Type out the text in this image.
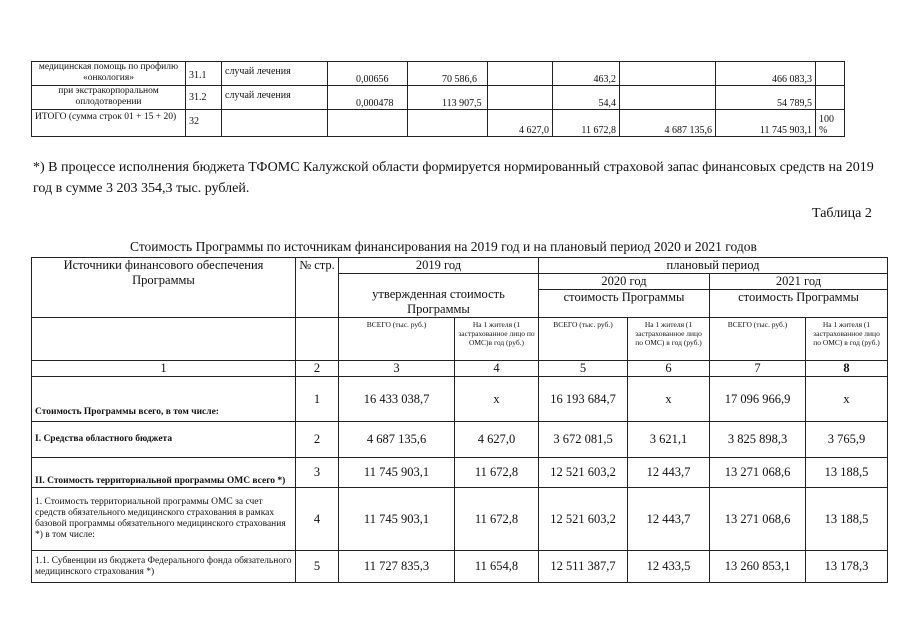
медицинская помощь по профилю «онкология»	31.1	случай лечения	0,00656	70 586,6		463,2		466 083,3	
при экстракорпоральном оплодотворении	31.2	случай лечения	0,000478	113 907,5		54,4		54 789,5	
ИТОГО (сумма строк 01 + 15 + 20)	32				4 627,0	11 672,8	4 687 135,6	11 745 903,1	100 %
*) В процессе исполнения бюджета ТФОМС Калужской области формируется нормированный страховой запас финансовых средств на 2019 год в сумме 3 203 354,3 тыс. рублей.
Таблица 2
Стоимость Программы по источникам финансирования на 2019 год и на плановый период 2020 и 2021 годов
Источники финансового обеспечения Программы	№ стр.	2019 год		плановый период			
		утвержденная стоимость Программы		2020 год		2021 год	
				стоимость Программы		стоимость Программы	
		ВСЕГО (тыс. руб.)	На 1 жителя (1 застрахованное лицо по ОМС)в год (руб.)	ВСЕГО (тыс. руб.)	На 1 жителя (1 застрахованное лицо по ОМС) в год (руб.)	ВСЕГО (тыс. руб.)	На 1 жителя (1 застрахованное лицо по ОМС) в год (руб.)
1	2	3	4	5	6	7	8
Стоимость Программы всего, в том числе:	1	16 433 038,7	х	16 193 684,7	х	17 096 966,9	х
I. Средства областного бюджета	2	4 687 135,6	4 627,0	3 672 081,5	3 621,1	3 825 898,3	3 765,9
II. Стоимость территориальной программы ОМС всего *)	3	11 745 903,1	11 672,8	12 521 603,2	12 443,7	13 271 068,6	13 188,5
1. Стоимость территориальной программы ОМС за счет средств обязательного медицинского страхования в рамках базовой программы обязательного медицинского страхования *) в том числе:	4	11 745 903,1	11 672,8	12 521 603,2	12 443,7	13 271 068,6	13 188,5
1.1. Субвенции из бюджета Федерального фонда обязательного медицинского страхования *)	5	11 727 835,3	11 654,8	12 511 387,7	12 433,5	13 260 853,1	13 178,3
